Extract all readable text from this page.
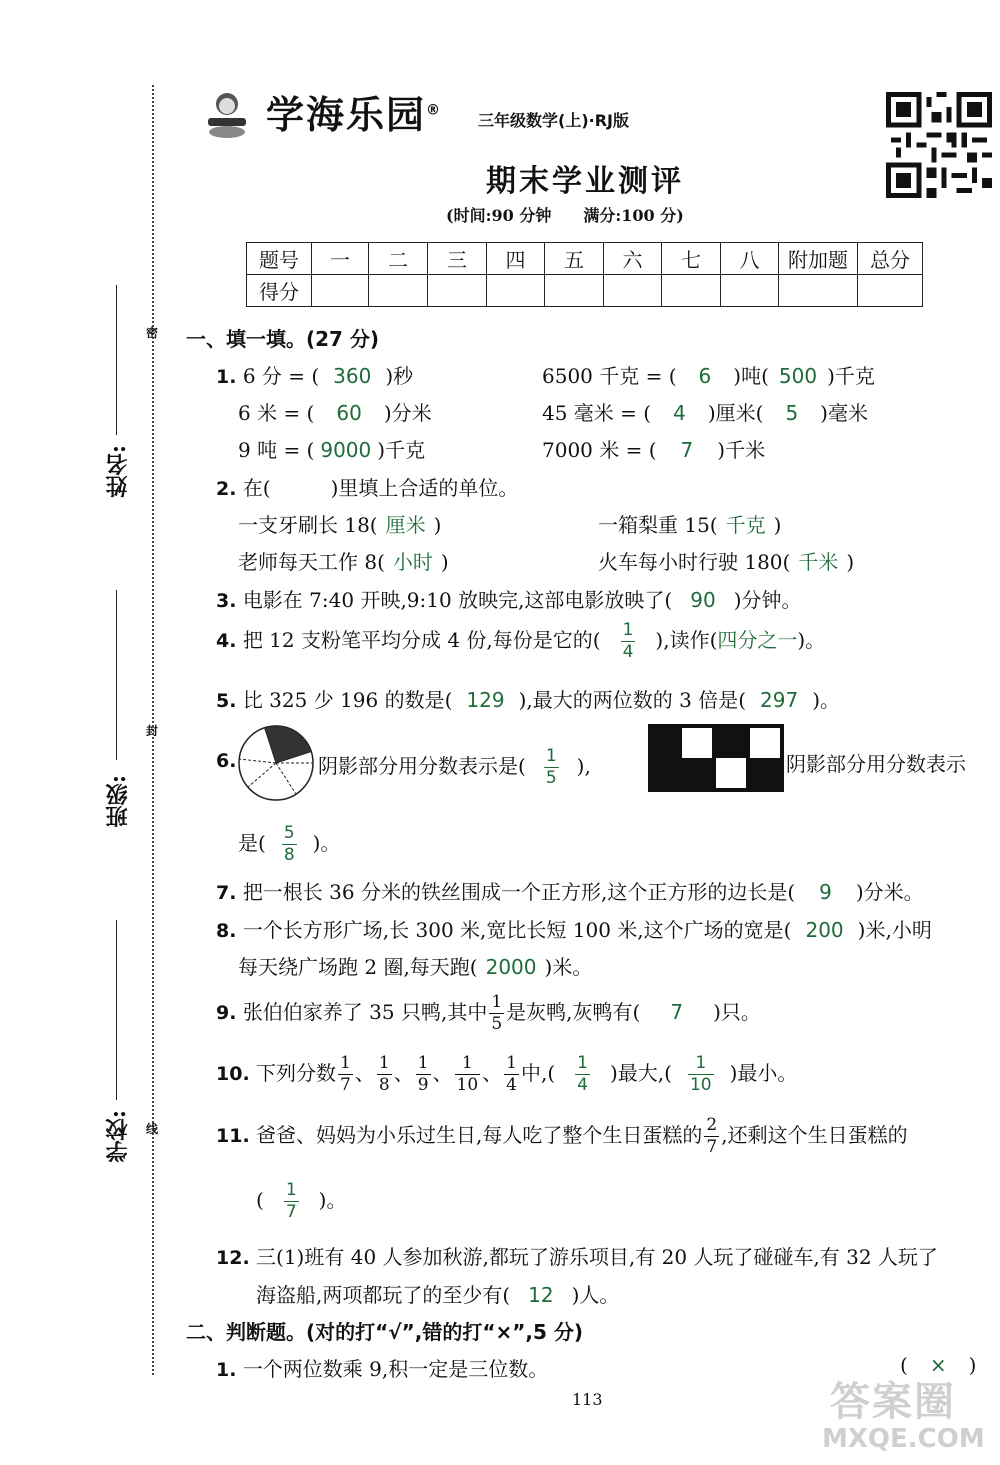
密
封
线
姓名:
班级:
学校:
学海乐园®
三年级数学(上)·RJ版
期末学业测评
(时间:90 分钟　　满分:100 分)
题号	一	二	三	四	五	六	七	八	附加题	总分
得分										
一、填一填。(27 分)
1. 6 分 = ( 360 )秒	6500 千克 = ( 6 )吨( 500 )千克
6 米 = ( 60 )分米	45 毫米 = ( 4 )厘米( 5 )毫米
9 吨 = ( 9000 )千克	7000 米 = ( 7 )千米
2. 在(　　　)里填上合适的单位。
一支牙刷长 18( 厘米 )	一箱梨重 15( 千克 )
老师每天工作 8( 小时 )	火车每小时行驶 180( 千米 )
3. 电影在 7:40 开映,9:10 放映完,这部电影放映了( 90 )分钟。
4. 把 12 支粉笔平均分成 4 份,每份是它的( $\frac{1}{4}$ ),读作(四分之一)。
5. 比 325 少 196 的数是( 129 ),最大的两位数的 3 倍是( 297 )。
6.	阴影部分用分数表示是( $\frac{1}{5}$ ),	阴影部分用分数表示
是( $\frac{5}{8}$ )。
7. 把一根长 36 分米的铁丝围成一个正方形,这个正方形的边长是( 9 )分米。
8. 一个长方形广场,长 300 米,宽比长短 100 米,这个广场的宽是( 200 )米,小明
每天绕广场跑 2 圈,每天跑( 2000 )米。
9. 张伯伯家养了 35 只鸭,其中 $\frac{1}{5}$ 是灰鸭,灰鸭有( 7 )只。
10. 下列分数 $\frac{1}{7}$ 、 $\frac{1}{8}$ 、 $\frac{1}{9}$ 、 $\frac{1}{10}$ 、 $\frac{1}{4}$ 中,( $\frac{1}{4}$ )最大,( $\frac{1}{10}$ )最小。
11. 爸爸、妈妈为小乐过生日,每人吃了整个生日蛋糕的 $\frac{2}{7}$ ,还剩这个生日蛋糕的
( $\frac{1}{7}$ )。
12. 三(1)班有 40 人参加秋游,都玩了游乐项目,有 20 人玩了碰碰车,有 32 人玩了
海盗船,两项都玩了的至少有( 12 )人。
二、判断题。(对的打“√”,错的打“×”,5 分)
1. 一个两位数乘 9,积一定是三位数。	( × )
113	答案圈
MXQE.COM
